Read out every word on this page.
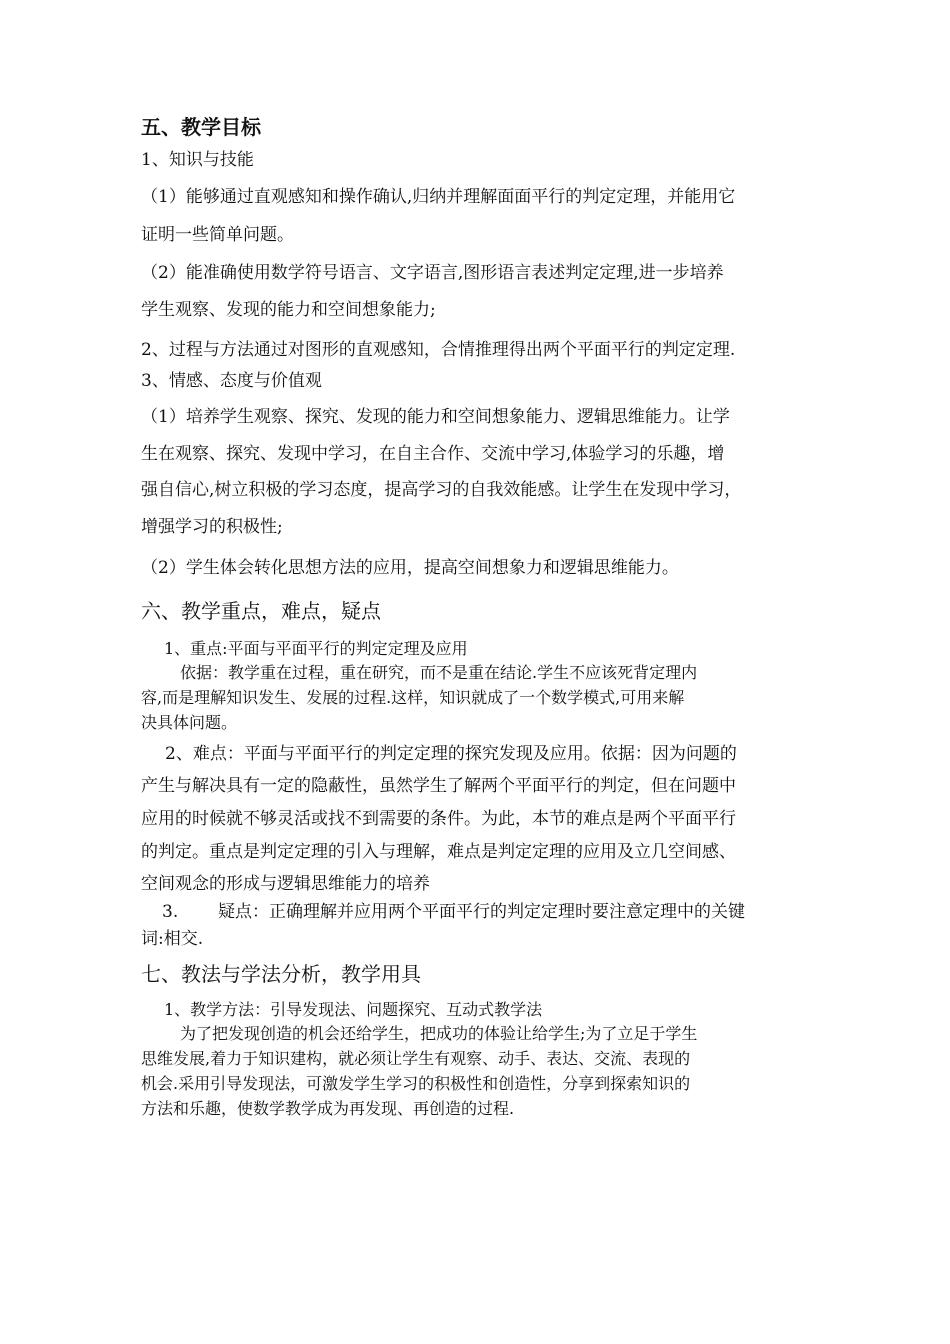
五、教学目标
1、知识与技能
（1）能够通过直观感知和操作确认,归纳并理解面面平行的判定定理，并能用它
证明一些简单问题。
（2）能准确使用数学符号语言、文字语言,图形语言表述判定定理,进一步培养
学生观察、发现的能力和空间想象能力;
2、过程与方法通过对图形的直观感知，合情推理得出两个平面平行的判定定理.
3、情感、态度与价值观
（1）培养学生观察、探究、发现的能力和空间想象能力、逻辑思维能力。让学
生在观察、探究、发现中学习，在自主合作、交流中学习,体验学习的乐趣，增
强自信心,树立积极的学习态度，提高学习的自我效能感。让学生在发现中学习，
增强学习的积极性;
（2）学生体会转化思想方法的应用，提高空间想象力和逻辑思维能力。
六、教学重点，难点，疑点
1、重点:平面与平面平行的判定定理及应用
依据：教学重在过程，重在研究，而不是重在结论.学生不应该死背定理内
容,而是理解知识发生、发展的过程.这样，知识就成了一个数学模式,可用来解
决具体问题。
2、难点：平面与平面平行的判定定理的探究发现及应用。依据：因为问题的
产生与解决具有一定的隐蔽性，虽然学生了解两个平面平行的判定，但在问题中
应用的时候就不够灵活或找不到需要的条件。为此，本节的难点是两个平面平行
的判定。重点是判定定理的引入与理解，难点是判定定理的应用及立几空间感、
空间观念的形成与逻辑思维能力的培养
3. 疑点：正确理解并应用两个平面平行的判定定理时要注意定理中的关键
词:相交.
七、教法与学法分析，教学用具
1、教学方法：引导发现法、问题探究、互动式教学法
为了把发现创造的机会还给学生，把成功的体验让给学生;为了立足于学生
思维发展,着力于知识建构，就必须让学生有观察、动手、表达、交流、表现的
机会.采用引导发现法，可激发学生学习的积极性和创造性，分享到探索知识的
方法和乐趣，使数学教学成为再发现、再创造的过程.
